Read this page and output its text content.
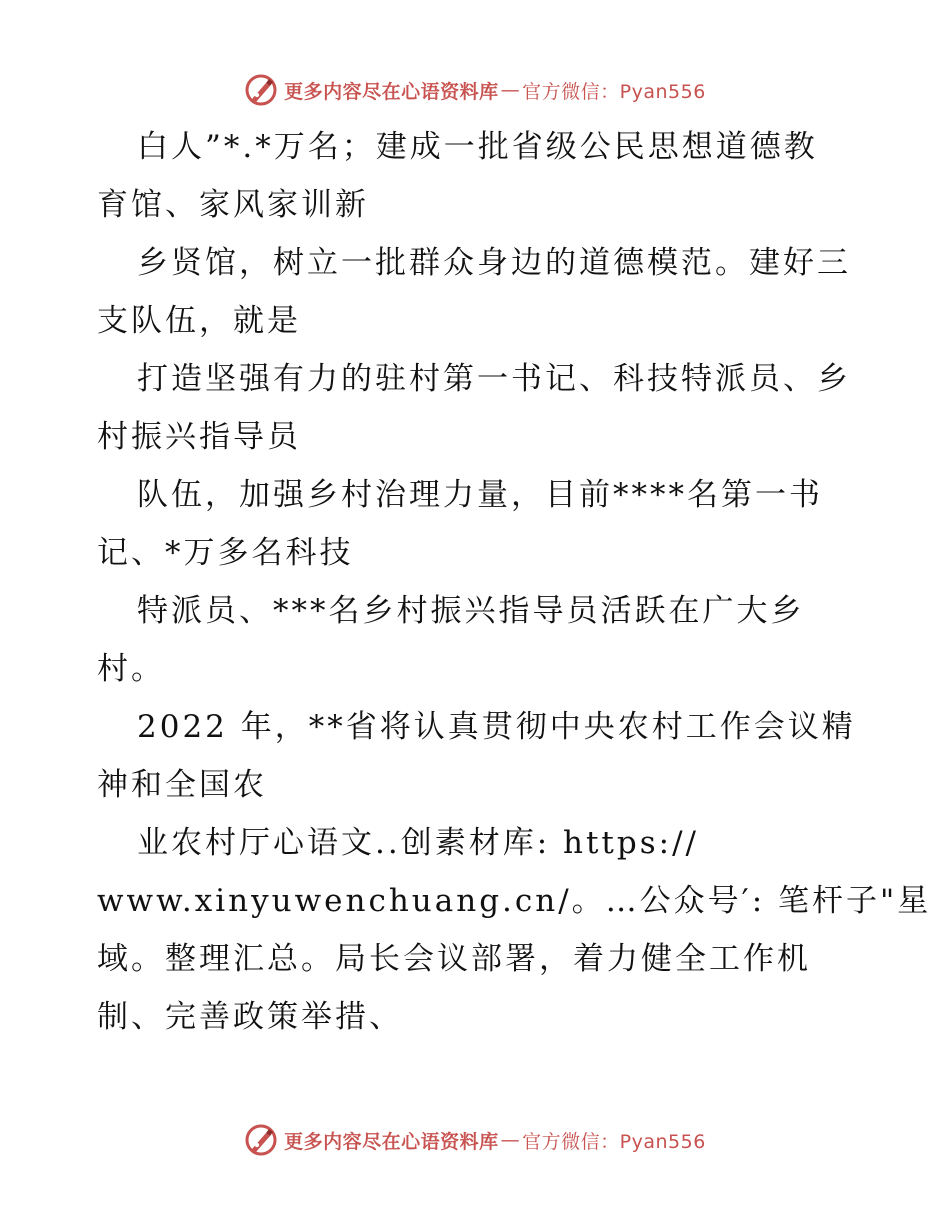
更多内容尽在心语资料库 — 官方微信：Pyan556
白人”*.*万名；建成一批省级公民思想道德教
育馆、家风家训新
乡贤馆，树立一批群众身边的道德模范。建好三
支队伍，就是
打造坚强有力的驻村第一书记、科技特派员、乡
村振兴指导员
队伍，加强乡村治理力量，目前****名第一书
记、*万多名科技
特派员、***名乡村振兴指导员活跃在广大乡
村。
2022 年，**省将认真贯彻中央农村工作会议精
神和全国农
业农村厅心语文..创素材库: https://
www.xinyuwenchuang.cn/。…公众号′: 笔杆子"星
域。整理汇总。局长会议部署，着力健全工作机
制、完善政策举措、
更多内容尽在心语资料库 — 官方微信：Pyan556
